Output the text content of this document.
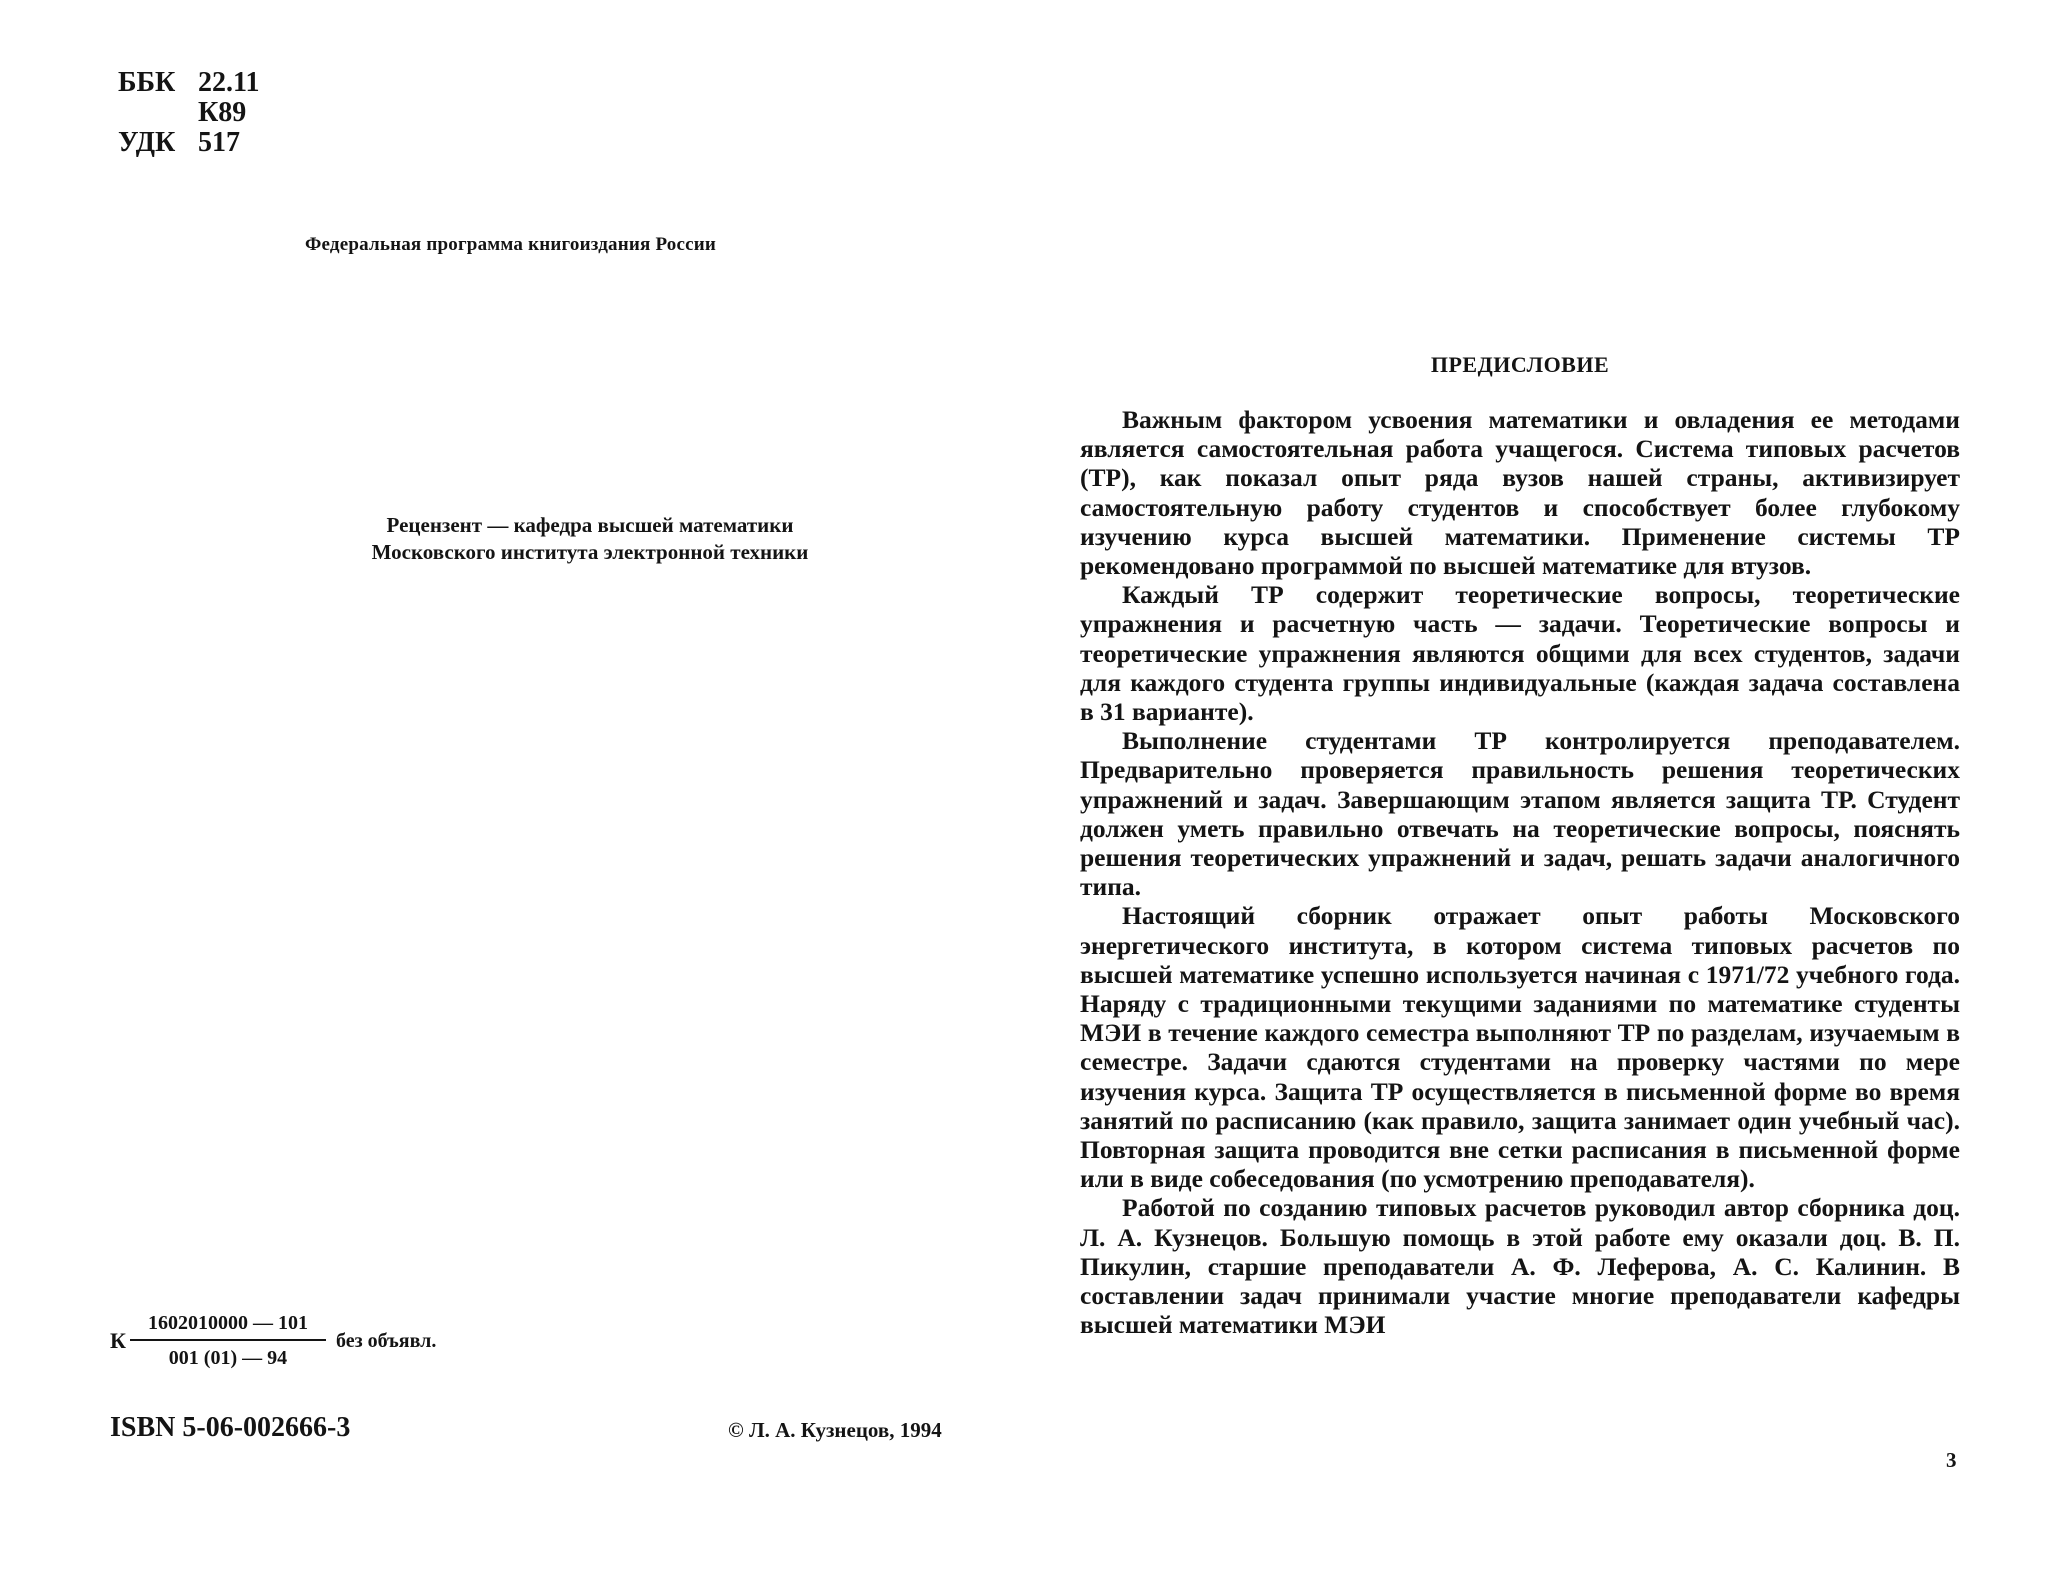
ББК 22.11
К89
УДК 517
Федеральная программа книгоиздания России
Рецензент — кафедра высшей математики
Московского института электронной техники
К $\frac{1602010000 — 101}{001 (01) — 94}$ без объявл.
ISBN 5-06-002666-3	© Л. А. Кузнецов, 1994
ПРЕДИСЛОВИЕ

Важным фактором усвоения математики и овладения ее методами является самостоятельная работа учащегося. Система типовых расчетов (ТР), как показал опыт ряда вузов нашей страны, активизирует самостоятельную работу студентов и способствует более глубокому изучению курса высшей математики. Применение системы ТР рекомендовано программой по высшей математике для втузов.

Каждый ТР содержит теоретические вопросы, теоретические упражнения и расчетную часть — задачи. Теоретические вопросы и теоретические упражнения являются общими для всех студентов, задачи для каждого студента группы индивидуальные (каждая задача составлена в 31 варианте).

Выполнение студентами ТР контролируется преподавателем. Предварительно проверяется правильность решения теоретических упражнений и задач. Завершающим этапом является защита ТР. Студент должен уметь правильно отвечать на теоретические вопросы, пояснять решения теоретических упражнений и задач, решать задачи аналогичного типа.

Настоящий сборник отражает опыт работы Московского энергетического института, в котором система типовых расчетов по высшей математике успешно используется начиная с 1971/72 учебного года. Наряду с традиционными текущими заданиями по математике студенты МЭИ в течение каждого семестра выполняют ТР по разделам, изучаемым в семестре. Задачи сдаются студентами на проверку частями по мере изучения курса. Защита ТР осуществляется в письменной форме во время занятий по расписанию (как правило, защита занимает один учебный час). Повторная защита проводится вне сетки расписания в письменной форме или в виде собеседования (по усмотрению преподавателя).

Работой по созданию типовых расчетов руководил автор сборника доц. Л. А. Кузнецов. Большую помощь в этой работе ему оказали доц. В. П. Пикулин, старшие преподаватели А. Ф. Леферова, А. С. Калинин. В составлении задач принимали участие многие преподаватели кафедры высшей математики МЭИ

3
